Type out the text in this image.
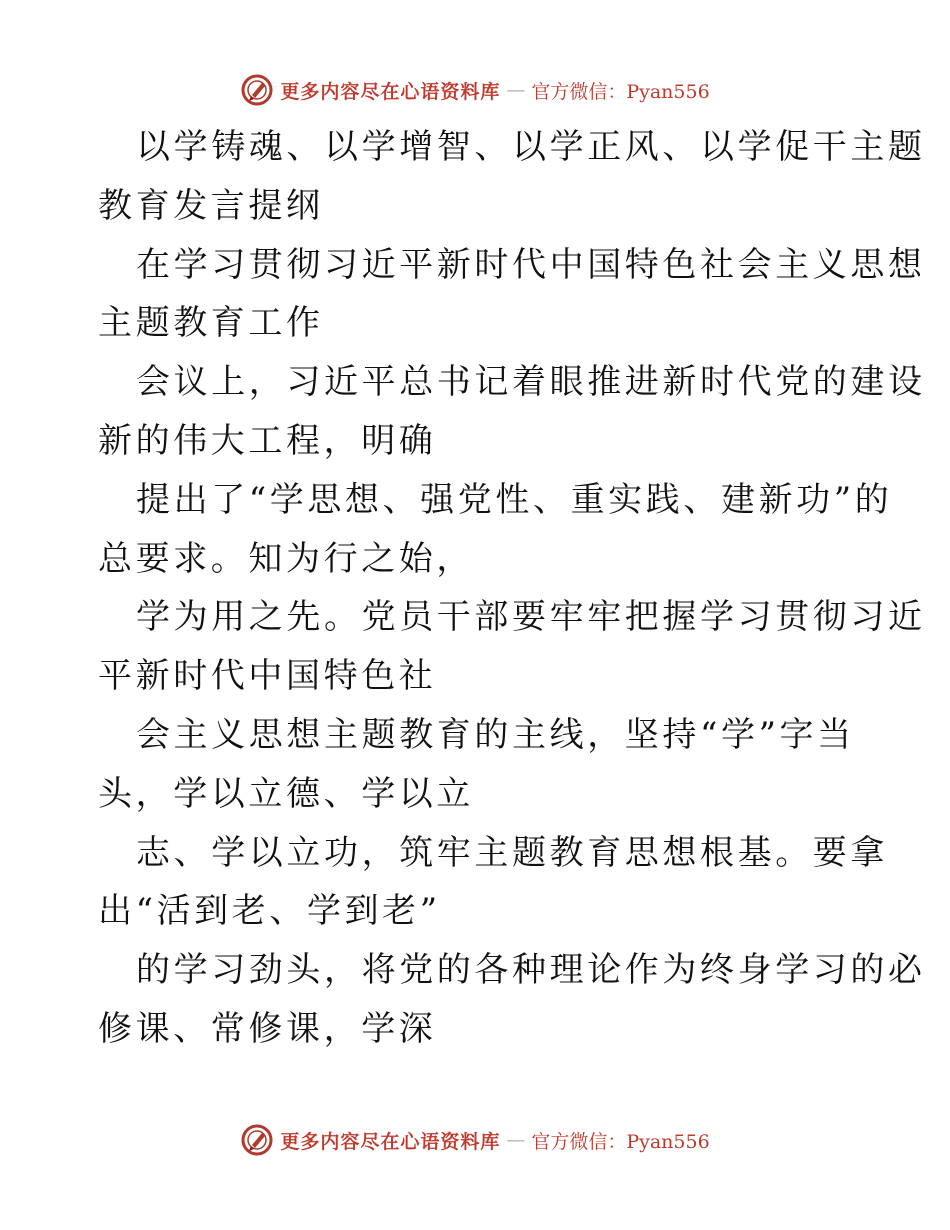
更多内容尽在心语资料库 — 官方微信：Pyan556
以学铸魂、以学增智、以学正风、以学促干主题
教育发言提纲
在学习贯彻习近平新时代中国特色社会主义思想
主题教育工作
会议上，习近平总书记着眼推进新时代党的建设
新的伟大工程，明确
提出了“学思想、强党性、重实践、建新功”的
总要求。知为行之始，
学为用之先。党员干部要牢牢把握学习贯彻习近
平新时代中国特色社
会主义思想主题教育的主线，坚持“学”字当
头，学以立德、学以立
志、学以立功，筑牢主题教育思想根基。要拿
出“活到老、学到老”
的学习劲头，将党的各种理论作为终身学习的必
修课、常修课，学深
更多内容尽在心语资料库 — 官方微信：Pyan556
